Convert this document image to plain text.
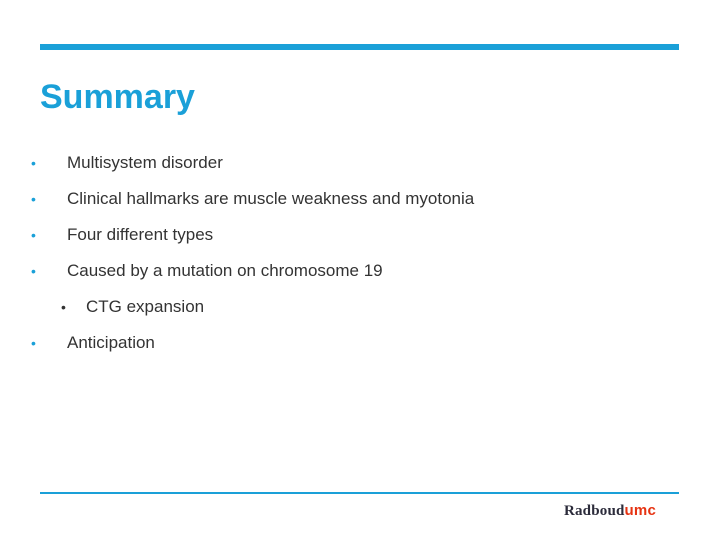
Summary
•	Multisystem disorder
•	Clinical hallmarks are muscle weakness and myotonia
•	Four different types
•	Caused by a mutation on chromosome 19
•	CTG expansion
•	Anticipation
Radboudumc
